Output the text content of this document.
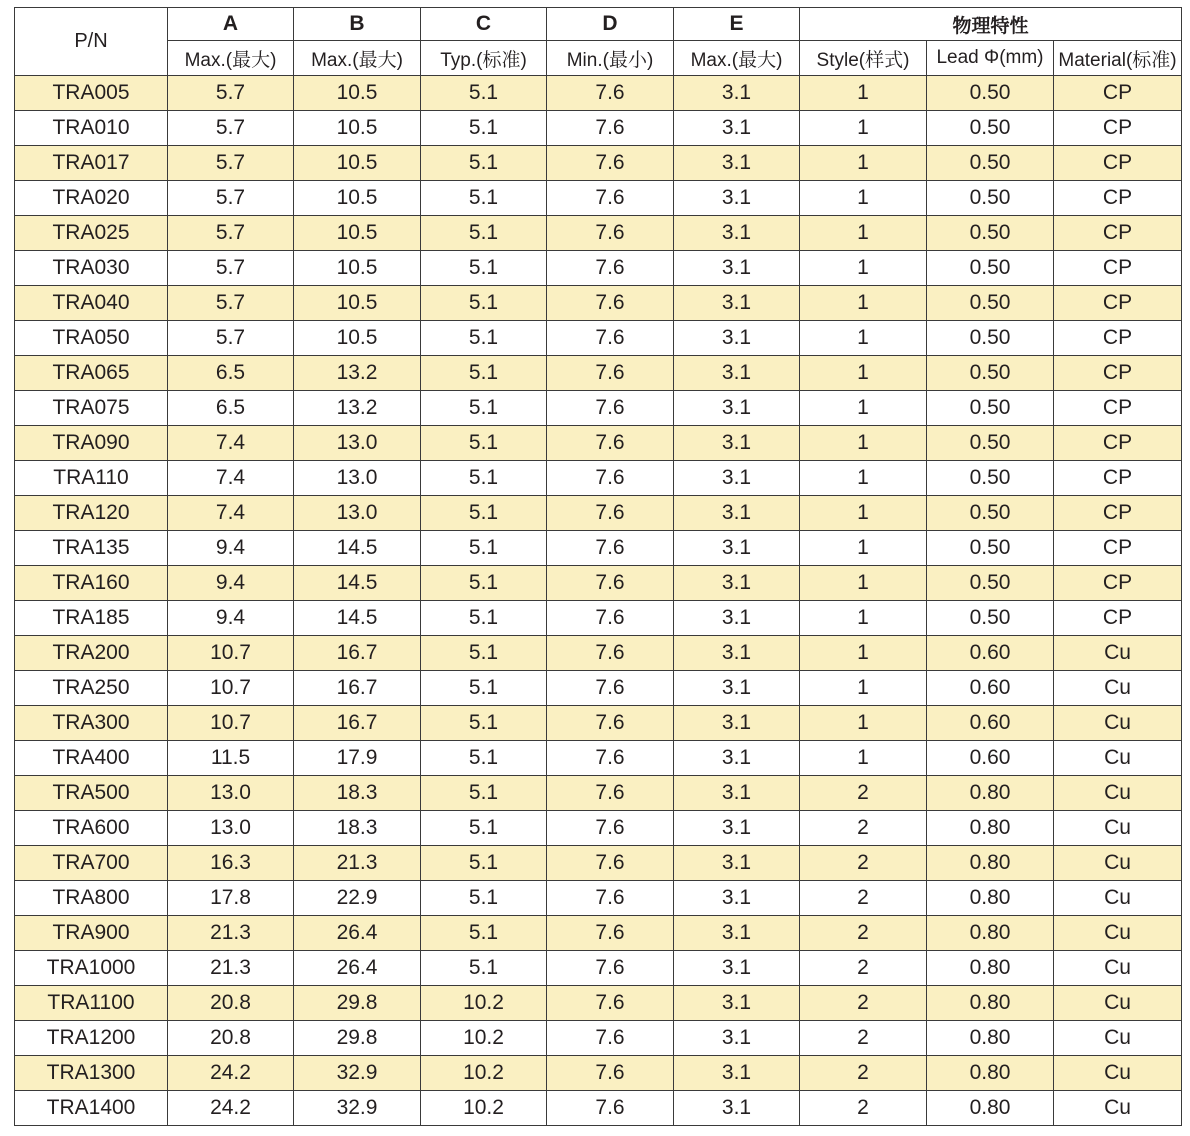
P/N	A	B	C	D	E	物理特性		
	Max.(最大)	Max.(最大)	Typ.(标准)	Min.(最小)	Max.(最大)	Style(样式)	Lead Φ(mm)	Material(标准)
TRA005	5.7	10.5	5.1	7.6	3.1	1	0.50	CP
TRA010	5.7	10.5	5.1	7.6	3.1	1	0.50	CP
TRA017	5.7	10.5	5.1	7.6	3.1	1	0.50	CP
TRA020	5.7	10.5	5.1	7.6	3.1	1	0.50	CP
TRA025	5.7	10.5	5.1	7.6	3.1	1	0.50	CP
TRA030	5.7	10.5	5.1	7.6	3.1	1	0.50	CP
TRA040	5.7	10.5	5.1	7.6	3.1	1	0.50	CP
TRA050	5.7	10.5	5.1	7.6	3.1	1	0.50	CP
TRA065	6.5	13.2	5.1	7.6	3.1	1	0.50	CP
TRA075	6.5	13.2	5.1	7.6	3.1	1	0.50	CP
TRA090	7.4	13.0	5.1	7.6	3.1	1	0.50	CP
TRA110	7.4	13.0	5.1	7.6	3.1	1	0.50	CP
TRA120	7.4	13.0	5.1	7.6	3.1	1	0.50	CP
TRA135	9.4	14.5	5.1	7.6	3.1	1	0.50	CP
TRA160	9.4	14.5	5.1	7.6	3.1	1	0.50	CP
TRA185	9.4	14.5	5.1	7.6	3.1	1	0.50	CP
TRA200	10.7	16.7	5.1	7.6	3.1	1	0.60	Cu
TRA250	10.7	16.7	5.1	7.6	3.1	1	0.60	Cu
TRA300	10.7	16.7	5.1	7.6	3.1	1	0.60	Cu
TRA400	11.5	17.9	5.1	7.6	3.1	1	0.60	Cu
TRA500	13.0	18.3	5.1	7.6	3.1	2	0.80	Cu
TRA600	13.0	18.3	5.1	7.6	3.1	2	0.80	Cu
TRA700	16.3	21.3	5.1	7.6	3.1	2	0.80	Cu
TRA800	17.8	22.9	5.1	7.6	3.1	2	0.80	Cu
TRA900	21.3	26.4	5.1	7.6	3.1	2	0.80	Cu
TRA1000	21.3	26.4	5.1	7.6	3.1	2	0.80	Cu
TRA1100	20.8	29.8	10.2	7.6	3.1	2	0.80	Cu
TRA1200	20.8	29.8	10.2	7.6	3.1	2	0.80	Cu
TRA1300	24.2	32.9	10.2	7.6	3.1	2	0.80	Cu
TRA1400	24.2	32.9	10.2	7.6	3.1	2	0.80	Cu
